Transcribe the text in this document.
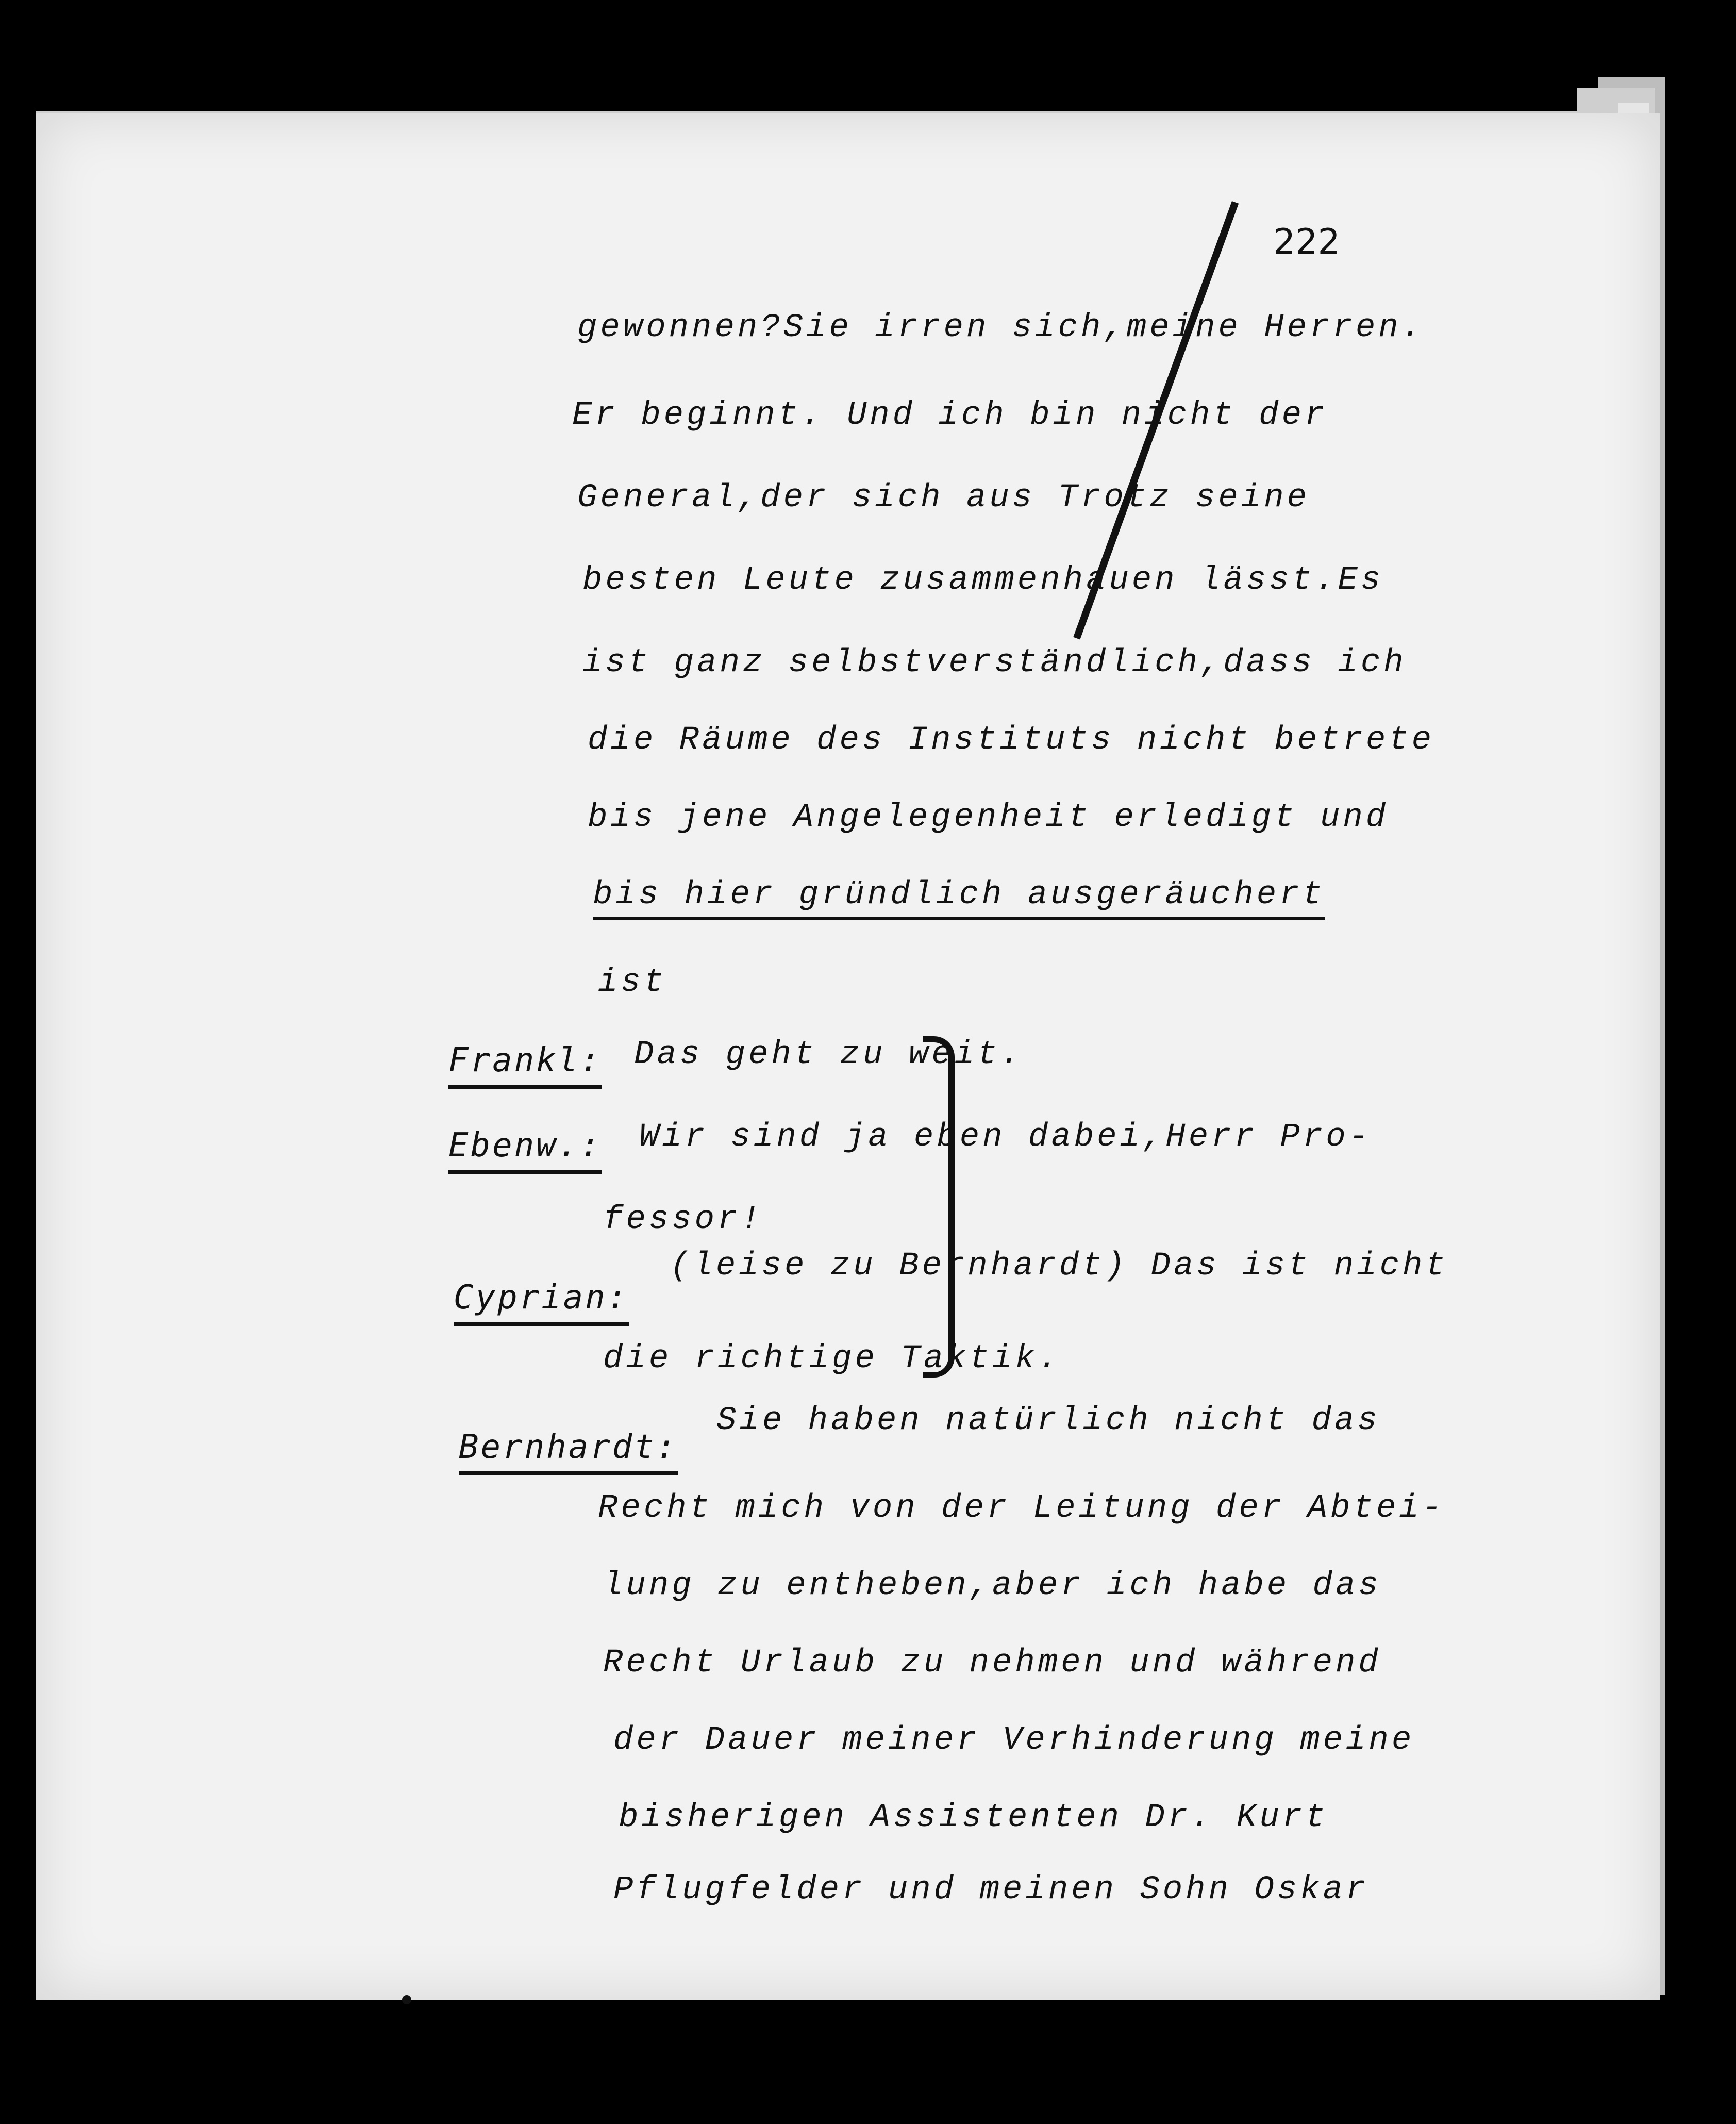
222
gewonnen?Sie irren sich,meine Herren.
Er beginnt. Und ich bin nicht der
General,der sich aus Trotz seine
besten Leute zusammenhauen lässt.Es
ist ganz selbstverständlich,dass ich
die Räume des Instituts nicht betrete
bis jene Angelegenheit erledigt und
bis hier gründlich ausgeräuchert
ist
Frankl: Das geht zu weit.
Ebenw.: Wir sind ja eben dabei,Herr Pro-
fessor!
Cyprian:
(leise zu Bernhardt) Das ist nicht
die richtige Taktik.
Bernhardt:
Sie haben natürlich nicht das
Recht mich von der Leitung der Abtei-
lung zu entheben,aber ich habe das
Recht Urlaub zu nehmen und während
der Dauer meiner Verhinderung meine
bisherigen Assistenten Dr. Kurt
Pflugfelder und meinen Sohn Oskar
